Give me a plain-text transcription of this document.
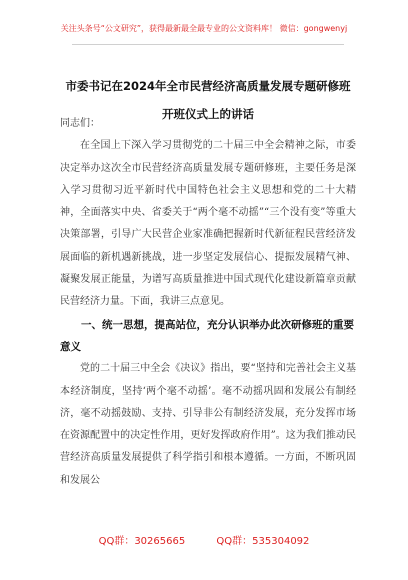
关注头条号“公文研究”，获得最新最全最专业的公文资料库！ 微信：gongwenyj
市委书记在2024年全市民营经济高质量发展专题研修班开班仪式上的讲话

同志们：

在全国上下深入学习贯彻党的二十届三中全会精神之际，市委决定举办这次全市民营经济高质量发展专题研修班，主要任务是深入学习贯彻习近平新时代中国特色社会主义思想和党的二十大精神，全面落实中央、省委关于“两个毫不动摇”“三个没有变”等重大决策部署，引导广大民营企业家准确把握新时代新征程民营经济发展面临的新机遇新挑战，进一步坚定发展信心、提振发展精气神、凝聚发展正能量，为谱写高质量推进中国式现代化建设新篇章贡献民营经济力量。下面，我讲三点意见。

一、统一思想，提高站位，充分认识举办此次研修班的重要意义

党的二十届三中全会《决议》指出，要“坚持和完善社会主义基本经济制度，坚持‘两个毫不动摇’。毫不动摇巩固和发展公有制经济，毫不动摇鼓励、支持、引导非公有制经济发展，充分发挥市场在资源配置中的决定性作用，更好发挥政府作用”。这为我们推动民营经济高质量发展提供了科学指引和根本遵循。一方面，不断巩固和发展公

QQ群：30265665	QQ群：535304092
